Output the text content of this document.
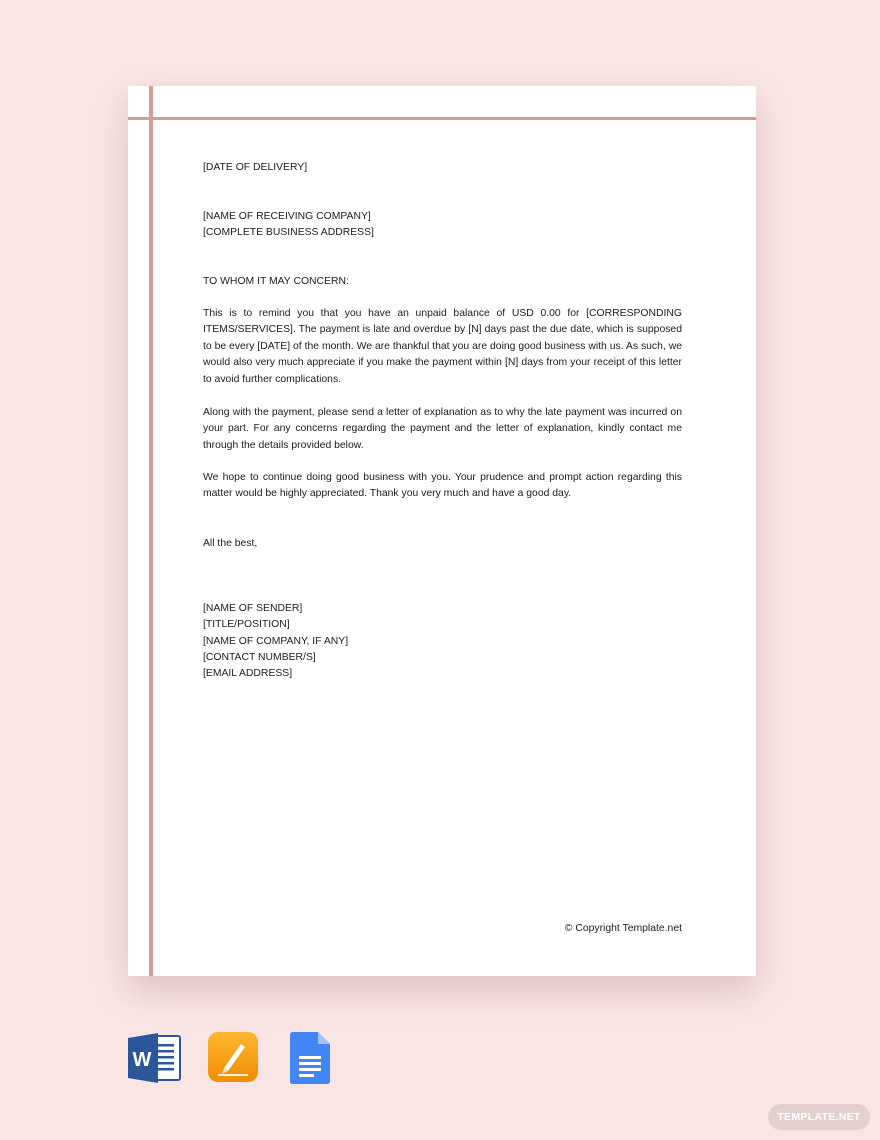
[DATE OF DELIVERY]

[NAME OF RECEIVING COMPANY]

[COMPLETE BUSINESS ADDRESS]

TO WHOM IT MAY CONCERN:

This is to remind you that you have an unpaid balance of USD 0.00 for [CORRESPONDING ITEMS/SERVICES]. The payment is late and overdue by [N] days past the due date, which is supposed to be every [DATE] of the month. We are thankful that you are doing good business with us. As such, we would also very much appreciate if you make the payment within [N] days from your receipt of this letter to avoid further complications.

Along with the payment, please send a letter of explanation as to why the late payment was incurred on your part. For any concerns regarding the payment and the letter of explanation, kindly contact me through the details provided below.

We hope to continue doing good business with you. Your prudence and prompt action regarding this matter would be highly appreciated. Thank you very much and have a good day.

All the best,

[NAME OF SENDER]

[TITLE/POSITION]

[NAME OF COMPANY, IF ANY]

[CONTACT NUMBER/S]

[EMAIL ADDRESS]

© Copyright Template.net
W
TEMPLATE.NET
